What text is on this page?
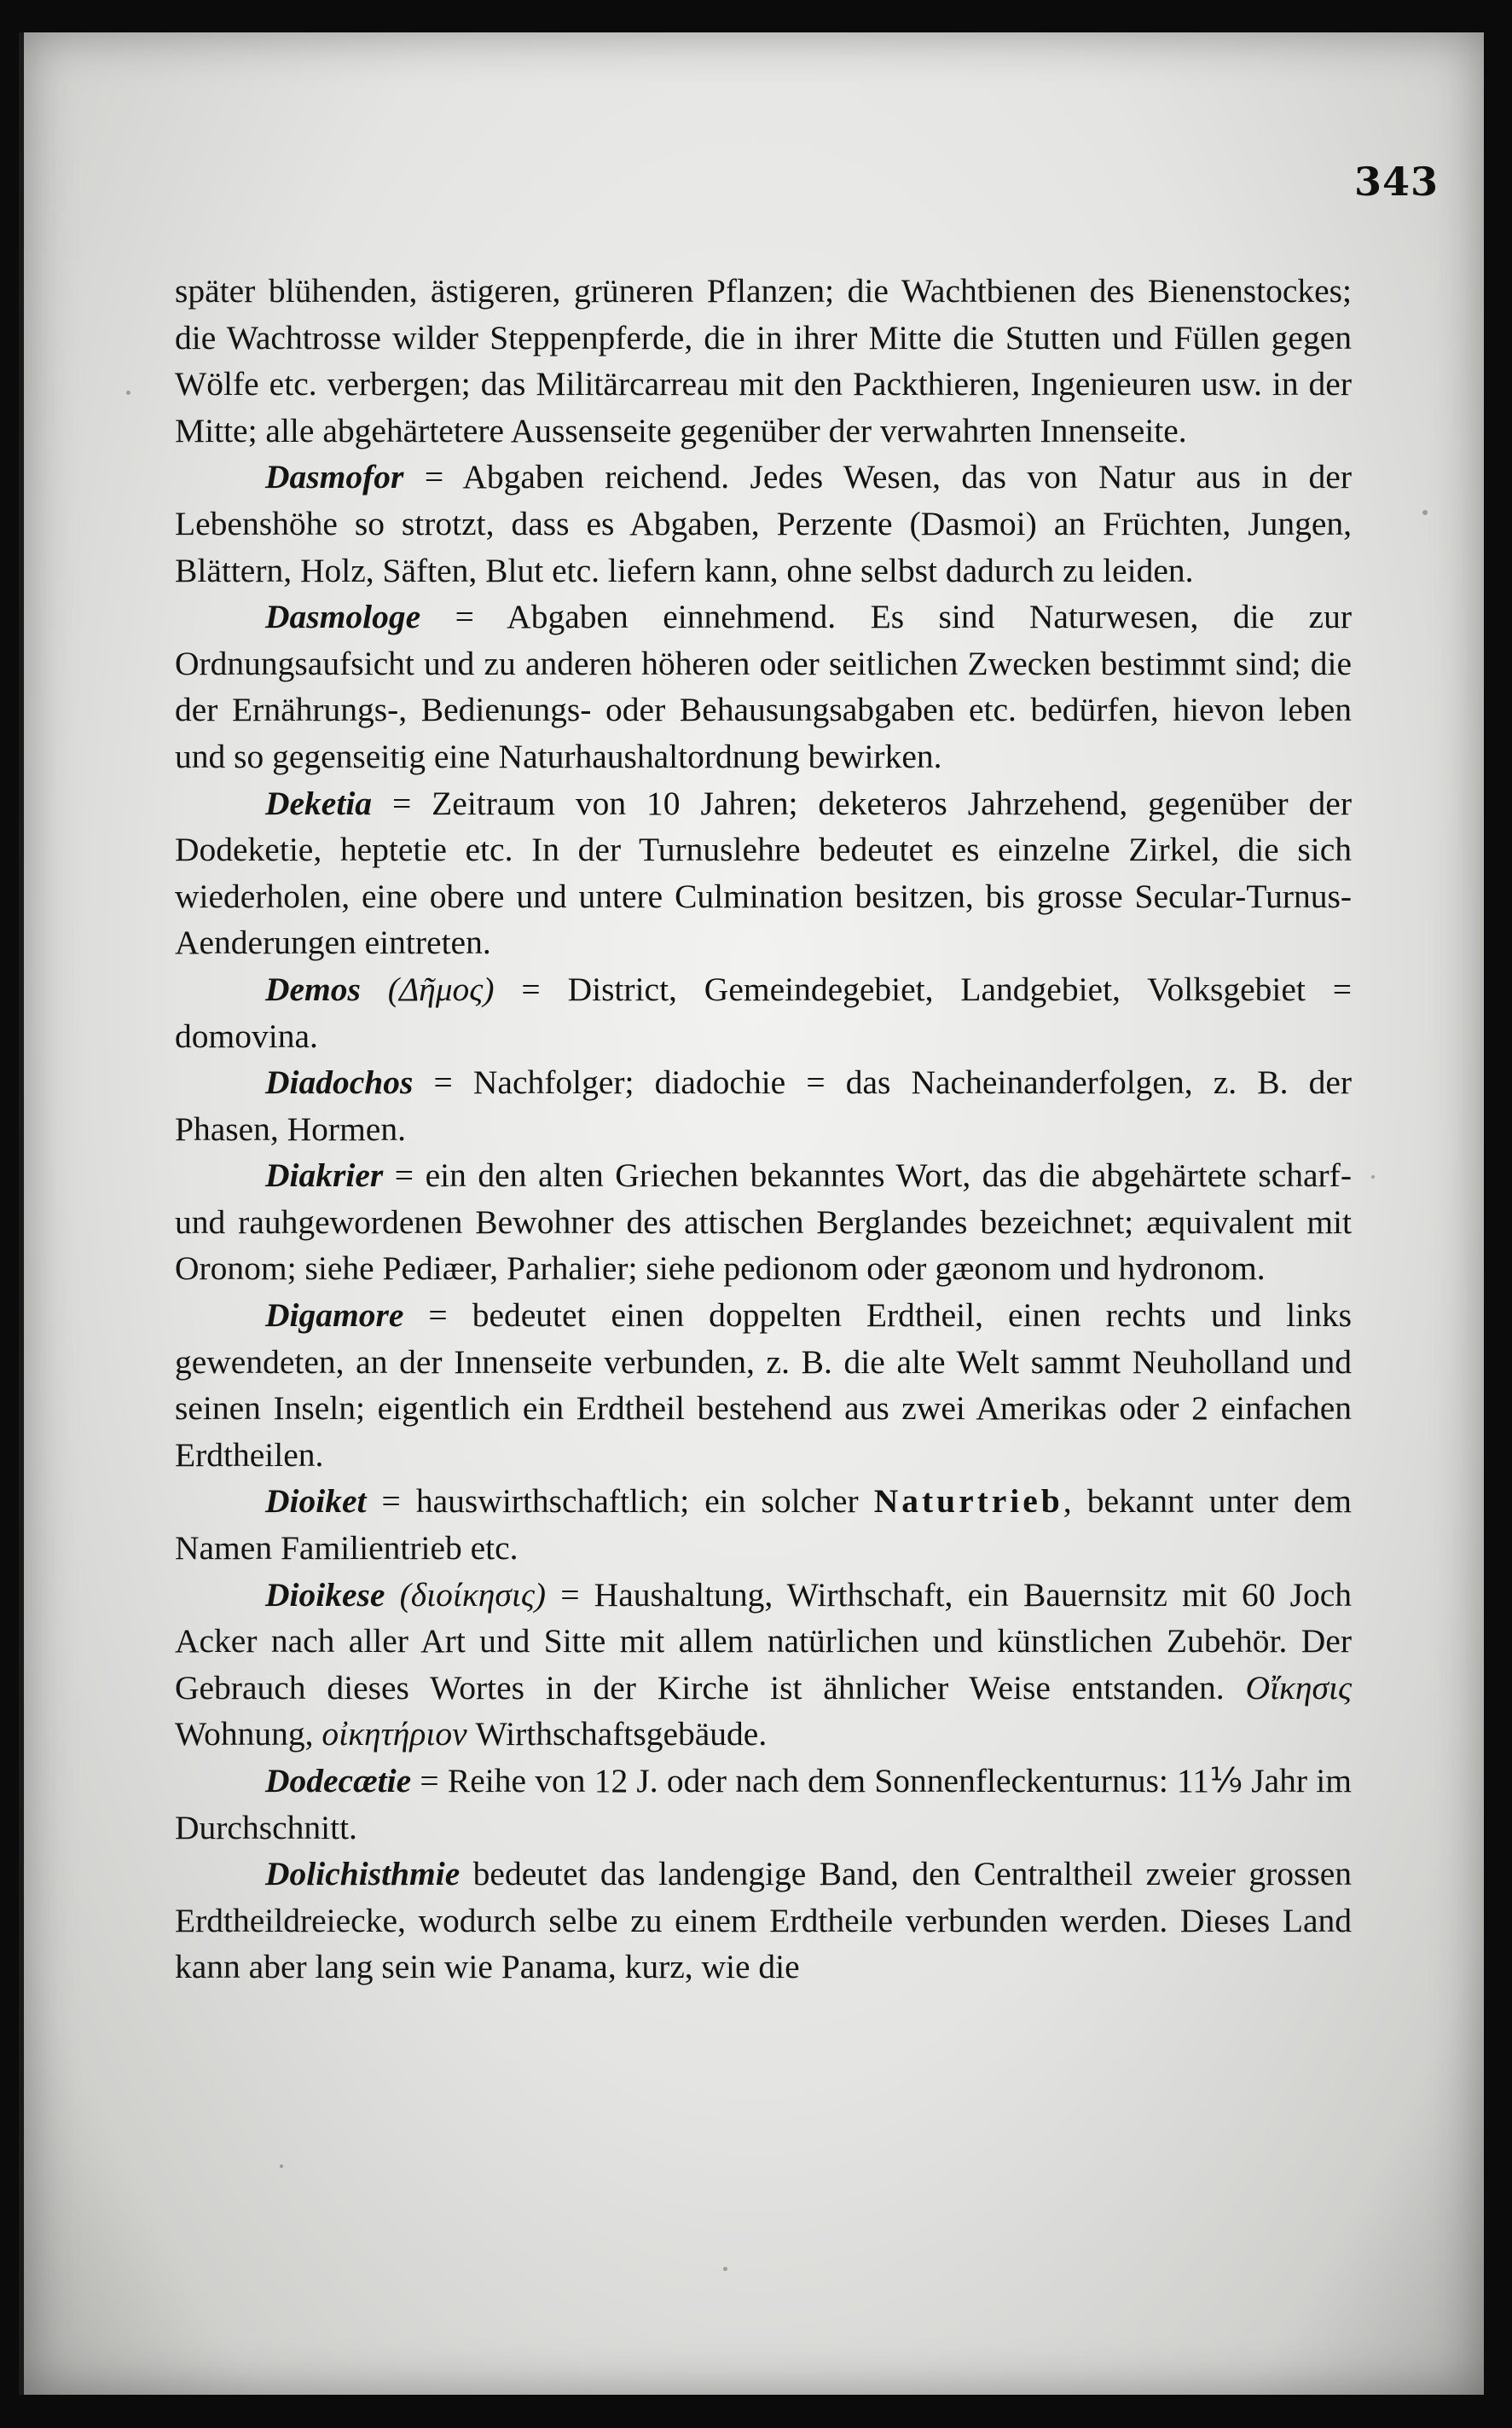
343

später blühenden, ästigeren, grüneren Pflanzen; die Wachtbienen des Bienenstockes; die Wachtrosse wilder Steppenpferde, die in ihrer Mitte die Stutten und Füllen gegen Wölfe etc. verbergen; das Militärcarreau mit den Packthieren, Ingenieuren usw. in der Mitte; alle abgehärtetere Aussenseite gegenüber der verwahrten Innenseite.

Dasmofor = Abgaben reichend. Jedes Wesen, das von Natur aus in der Lebenshöhe so strotzt, dass es Abgaben, Perzente (Dasmoi) an Früchten, Jungen, Blättern, Holz, Säften, Blut etc. liefern kann, ohne selbst dadurch zu leiden.

Dasmologe = Abgaben einnehmend. Es sind Naturwesen, die zur Ordnungsaufsicht und zu anderen höheren oder seitlichen Zwecken bestimmt sind; die der Ernährungs-, Bedienungs- oder Behausungsabgaben etc. bedürfen, hievon leben und so gegenseitig eine Naturhaushaltordnung bewirken.

Deketia = Zeitraum von 10 Jahren; deketeros Jahrzehend, gegenüber der Dodeketie, heptetie etc. In der Turnuslehre bedeutet es einzelne Zirkel, die sich wiederholen, eine obere und untere Culmination besitzen, bis grosse Secular-Turnus-Aenderungen eintreten.

Demos (Δῆμος) = District, Gemeindegebiet, Landgebiet, Volksgebiet = domovina.

Diadochos = Nachfolger; diadochie = das Nacheinanderfolgen, z. B. der Phasen, Hormen.

Diakrier = ein den alten Griechen bekanntes Wort, das die abgehärtete scharf- und rauhgewordenen Bewohner des attischen Berglandes bezeichnet; æquivalent mit Oronom; siehe Pediæer, Parhalier; siehe pedionom oder gæonom und hydronom.

Digamore = bedeutet einen doppelten Erdtheil, einen rechts und links gewendeten, an der Innenseite verbunden, z. B. die alte Welt sammt Neuholland und seinen Inseln; eigentlich ein Erdtheil bestehend aus zwei Amerikas oder 2 einfachen Erdtheilen.

Dioiket = hauswirthschaftlich; ein solcher Naturtrieb, bekannt unter dem Namen Familientrieb etc.

Dioikese (διοίκησις) = Haushaltung, Wirthschaft, ein Bauernsitz mit 60 Joch Acker nach aller Art und Sitte mit allem natürlichen und künstlichen Zubehör. Der Gebrauch dieses Wortes in der Kirche ist ähnlicher Weise entstanden. Οἴκησις Wohnung, οἰκητήριον Wirthschaftsgebäude.

Dodecætie = Reihe von 12 J. oder nach dem Sonnenfleckenturnus: 11⅑ Jahr im Durchschnitt.

Dolichisthmie bedeutet das landengige Band, den Centraltheil zweier grossen Erdtheildreiecke, wodurch selbe zu einem Erdtheile verbunden werden. Dieses Land kann aber lang sein wie Panama, kurz, wie die
